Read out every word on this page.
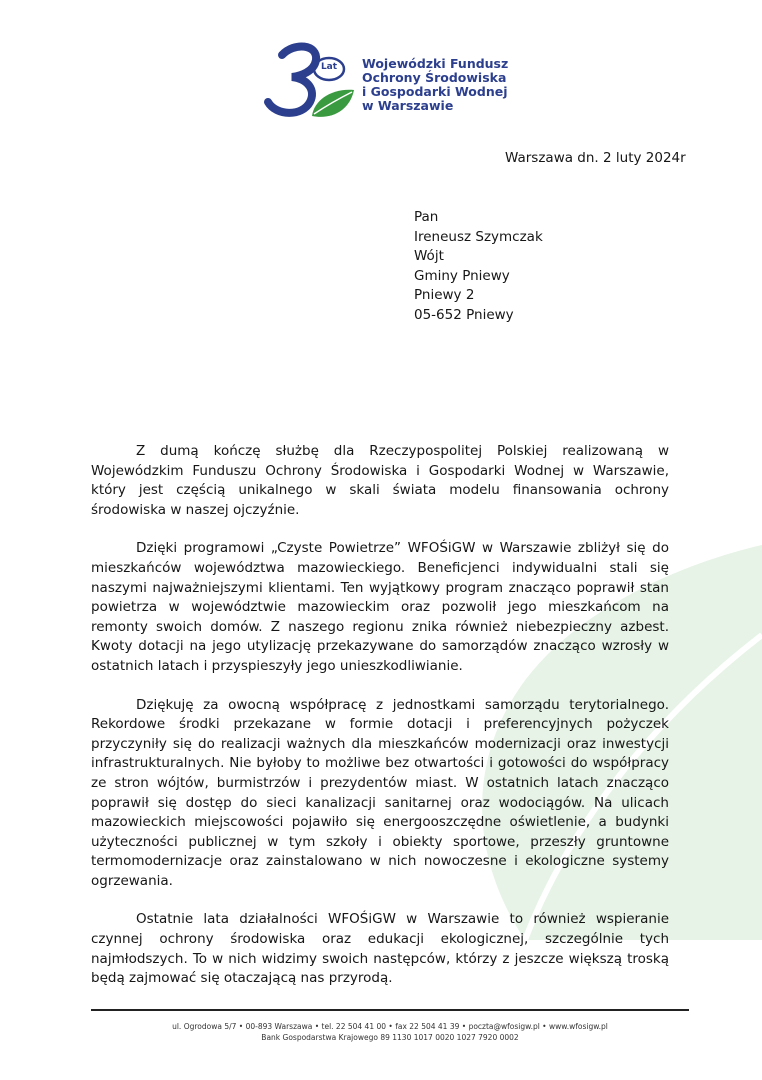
Lat Wojewódzki Fundusz
Ochrony Środowiska
i Gospodarki Wodnej
w Warszawie
Warszawa dn. 2 luty 2024r
Pan
Ireneusz Szymczak
Wójt
Gminy Pniewy
Pniewy 2
05-652 Pniewy

Z dumą kończę służbę dla Rzeczypospolitej Polskiej realizowaną w Wojewódzkim Funduszu Ochrony Środowiska i Gospodarki Wodnej w Warszawie, który jest częścią unikalnego w skali świata modelu finansowania ochrony środowiska w naszej ojczyźnie.

Dzięki programowi „Czyste Powietrze” WFOŚiGW w Warszawie zbliżył się do mieszkańców województwa mazowieckiego. Beneficjenci indywidualni stali się naszymi najważniejszymi klientami. Ten wyjątkowy program znacząco poprawił stan powietrza w województwie mazowieckim oraz pozwolił jego mieszkańcom na remonty swoich domów. Z naszego regionu znika również niebezpieczny azbest. Kwoty dotacji na jego utylizację przekazywane do samorządów znacząco wzrosły w ostatnich latach i przyspieszyły jego unieszkodliwianie.

Dziękuję za owocną współpracę z jednostkami samorządu terytorialnego. Rekordowe środki przekazane w formie dotacji i preferencyjnych pożyczek przyczyniły się do realizacji ważnych dla mieszkańców modernizacji oraz inwestycji infrastrukturalnych. Nie byłoby to możliwe bez otwartości i gotowości do współpracy ze stron wójtów, burmistrzów i prezydentów miast. W ostatnich latach znacząco poprawił się dostęp do sieci kanalizacji sanitarnej oraz wodociągów. Na ulicach mazowieckich miejscowości pojawiło się energooszczędne oświetlenie, a budynki użyteczności publicznej w tym szkoły i obiekty sportowe, przeszły gruntowne termomodernizacje oraz zainstalowano w nich nowoczesne i ekologiczne systemy ogrzewania.

Ostatnie lata działalności WFOŚiGW w Warszawie to również wspieranie czynnej ochrony środowiska oraz edukacji ekologicznej, szczególnie tych najmłodszych. To w nich widzimy swoich następców, którzy z jeszcze większą troską będą zajmować się otaczającą nas przyrodą.

ul. Ogrodowa 5/7 • 00-893 Warszawa • tel. 22 504 41 00 • fax 22 504 41 39 • poczta@wfosigw.pl • www.wfosigw.pl
Bank Gospodarstwa Krajowego 89 1130 1017 0020 1027 7920 0002
